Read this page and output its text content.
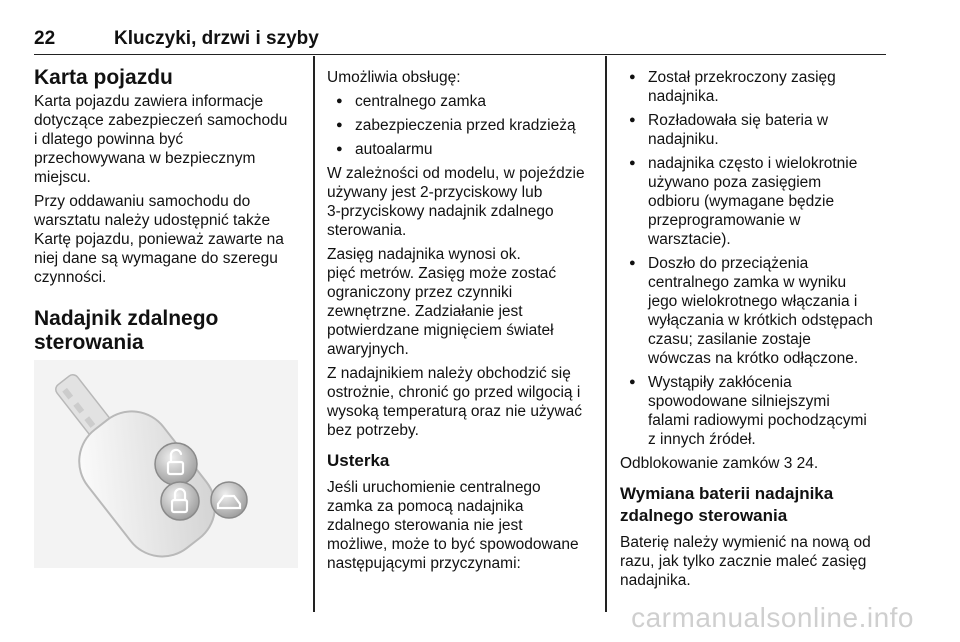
22	Kluczyki, drzwi i szyby
Karta pojazdu

Karta pojazdu zawiera informacje
dotyczące zabezpieczeń samochodu
i dlatego powinna być
przechowywana w bezpiecznym
miejscu.

Przy oddawaniu samochodu do
warsztatu należy udostępnić także
Kartę pojazdu, ponieważ zawarte na
niej dane są wymagane do szeregu
czynności.

Nadajnik zdalnego
sterowania

Umożliwia obsługę:

● centralnego zamka
● zabezpieczenia przed kradzieżą
● autoalarmu

W zależności od modelu, w pojeździe
używany jest 2-przyciskowy lub
3-przyciskowy nadajnik zdalnego
sterowania.

Zasięg nadajnika wynosi ok.
pięć metrów. Zasięg może zostać
ograniczony przez czynniki
zewnętrzne. Zadziałanie jest
potwierdzane mignięciem świateł
awaryjnych.

Z nadajnikiem należy obchodzić się
ostrożnie, chronić go przed wilgocią i
wysoką temperaturą oraz nie używać
bez potrzeby.

Usterka

Jeśli uruchomienie centralnego
zamka za pomocą nadajnika
zdalnego sterowania nie jest
możliwe, może to być spowodowane
następującymi przyczynami:

● Został przekroczony zasięg
nadajnika.
● Rozładowała się bateria w
nadajniku.
● nadajnika często i wielokrotnie
używano poza zasięgiem
odbioru (wymagane będzie
przeprogramowanie w
warsztacie).
● Doszło do przeciążenia
centralnego zamka w wyniku
jego wielokrotnego włączania i
wyłączania w krótkich odstępach
czasu; zasilanie zostaje
wówczas na krótko odłączone.
● Wystąpiły zakłócenia
spowodowane silniejszymi
falami radiowymi pochodzącymi
z innych źródeł.

Odblokowanie zamków 3 24.

Wymiana baterii nadajnika
zdalnego sterowania

Baterię należy wymienić na nową od
razu, jak tylko zacznie maleć zasięg
nadajnika.

carmanualsonline.info
